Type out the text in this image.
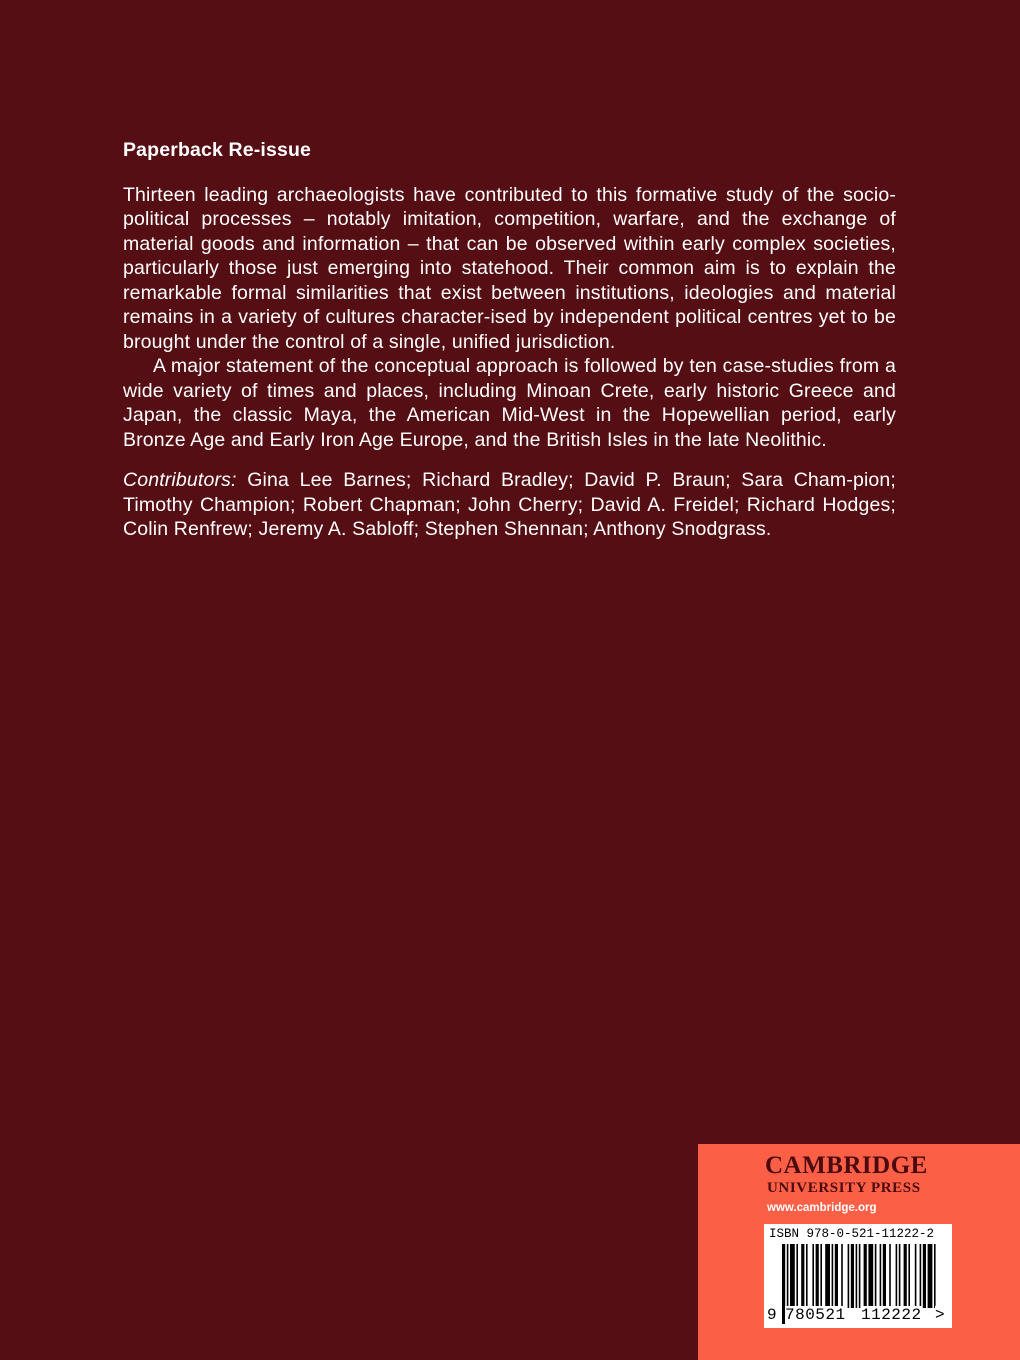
Paperback Re-issue

Thirteen leading archaeologists have contributed to this formative study of the socio-political processes – notably imitation, competition, warfare, and the exchange of material goods and information – that can be observed within early complex societies, particularly those just emerging into statehood. Their common aim is to explain the remarkable formal similarities that exist between institutions, ideologies and material remains in a variety of cultures character-ised by independent political centres yet to be brought under the control of a single, unified jurisdiction.

A major statement of the conceptual approach is followed by ten case-studies from a wide variety of times and places, including Minoan Crete, early historic Greece and Japan, the classic Maya, the American Mid-West in the Hopewellian period, early Bronze Age and Early Iron Age Europe, and the British Isles in the late Neolithic.

Contributors: Gina Lee Barnes; Richard Bradley; David P. Braun; Sara Cham-pion; Timothy Champion; Robert Chapman; John Cherry; David A. Freidel; Richard Hodges; Colin Renfrew; Jeremy A. Sabloff; Stephen Shennan; Anthony Snodgrass.

CAMBRIDGE
UNIVERSITY PRESS
www.cambridge.org
ISBN 978-0-521-11222-2
9 780521 112222 >
